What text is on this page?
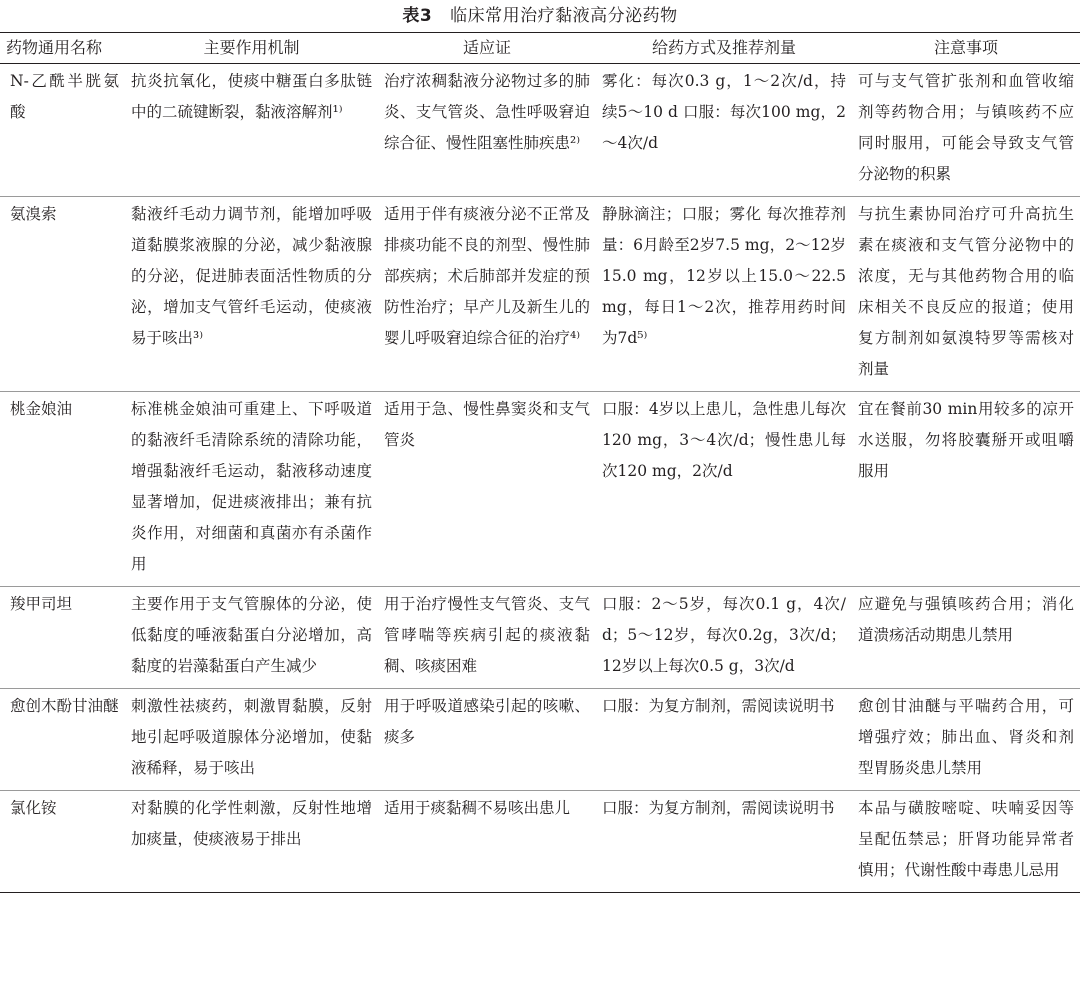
表3 临床常用治疗黏液高分泌药物
药物通用名称	主要作用机制	适应证	给药方式及推荐剂量	注意事项
N-乙酰半胱氨酸	抗炎抗氧化，使痰中糖蛋白多肽链中的二硫键断裂，黏液溶解剂¹⁾	治疗浓稠黏液分泌物过多的肺炎、支气管炎、急性呼吸窘迫综合征、慢性阻塞性肺疾患²⁾	雾化：每次0.3 g，1～2次/d，持续5～10 d 口服：每次100 mg，2～4次/d	可与支气管扩张剂和血管收缩剂等药物合用；与镇咳药不应同时服用，可能会导致支气管分泌物的积累
氨溴索	黏液纤毛动力调节剂，能增加呼吸道黏膜浆液腺的分泌，减少黏液腺的分泌，促进肺表面活性物质的分泌，增加支气管纤毛运动，使痰液易于咳出³⁾	适用于伴有痰液分泌不正常及排痰功能不良的剂型、慢性肺部疾病；术后肺部并发症的预防性治疗；早产儿及新生儿的婴儿呼吸窘迫综合征的治疗⁴⁾	静脉滴注；口服；雾化 每次推荐剂量：6月龄至2岁7.5 mg，2～12岁15.0 mg，12岁以上15.0～22.5 mg，每日1～2次，推荐用药时间为7d⁵⁾	与抗生素协同治疗可升高抗生素在痰液和支气管分泌物中的浓度，无与其他药物合用的临床相关不良反应的报道；使用复方制剂如氨溴特罗等需核对剂量
桃金娘油	标准桃金娘油可重建上、下呼吸道的黏液纤毛清除系统的清除功能，增强黏液纤毛运动，黏液移动速度显著增加，促进痰液排出；兼有抗炎作用，对细菌和真菌亦有杀菌作用	适用于急、慢性鼻窦炎和支气管炎	口服：4岁以上患儿，急性患儿每次120 mg，3～4次/d；慢性患儿每次120 mg，2次/d	宜在餐前30 min用较多的凉开水送服，勿将胶囊掰开或咀嚼服用
羧甲司坦	主要作用于支气管腺体的分泌，使低黏度的唾液黏蛋白分泌增加，高黏度的岩藻黏蛋白产生减少	用于治疗慢性支气管炎、支气管哮喘等疾病引起的痰液黏稠、咳痰困难	口服：2～5岁，每次0.1 g，4次/d；5～12岁，每次0.2g，3次/d；12岁以上每次0.5 g，3次/d	应避免与强镇咳药合用；消化道溃疡活动期患儿禁用
愈创木酚甘油醚	刺激性祛痰药，刺激胃黏膜，反射地引起呼吸道腺体分泌增加，使黏液稀释，易于咳出	用于呼吸道感染引起的咳嗽、痰多	口服：为复方制剂，需阅读说明书	愈创甘油醚与平喘药合用，可增强疗效；肺出血、肾炎和剂型胃肠炎患儿禁用
氯化铵	对黏膜的化学性刺激，反射性地增加痰量，使痰液易于排出	适用于痰黏稠不易咳出患儿	口服：为复方制剂，需阅读说明书	本品与磺胺嘧啶、呋喃妥因等呈配伍禁忌；肝肾功能异常者慎用；代谢性酸中毒患儿忌用
